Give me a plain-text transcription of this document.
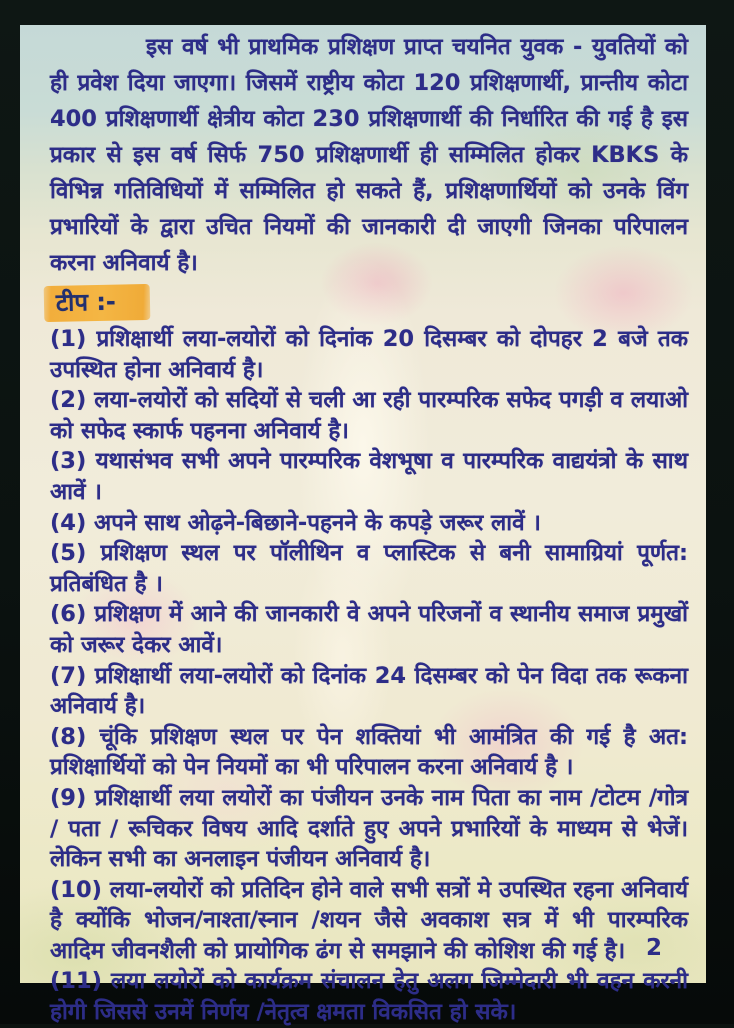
इस वर्ष भी प्राथमिक प्रशिक्षण प्राप्त चयनित युवक - युवतियों को ही प्रवेश दिया जाएगा। जिसमें राष्ट्रीय कोटा 120 प्रशिक्षणार्थी, प्रान्तीय कोटा 400 प्रशिक्षणार्थी क्षेत्रीय कोटा 230 प्रशिक्षणार्थी की निर्धारित की गई है इस प्रकार से इस वर्ष सिर्फ 750 प्रशिक्षणार्थी ही सम्मिलित होकर KBKS के विभिन्न गतिविधियों में सम्मिलित हो सकते हैं, प्रशिक्षणार्थियों को उनके विंग प्रभारियों के द्वारा उचित नियमों की जानकारी दी जाएगी जिनका परिपालन करना अनिवार्य है।

टीप :-

(1) प्रशिक्षार्थी लया-लयोरों को दिनांक 20 दिसम्बर को दोपहर 2 बजे तक उपस्थित होना अनिवार्य है।

(2) लया-लयोरों को सदियों से चली आ रही पारम्परिक सफेद पगड़ी व लयाओ को सफेद स्कार्फ पहनना अनिवार्य है।

(3) यथासंभव सभी अपने पारम्परिक वेशभूषा व पारम्परिक वाद्ययंत्रो के साथ आवें ।

(4) अपने साथ ओढ़ने-बिछाने-पहनने के कपड़े जरूर लावें ।

(5) प्रशिक्षण स्थल पर पॉलीथिन व प्लास्टिक से बनी सामाग्रियां पूर्णत: प्रतिबंधित है ।

(6) प्रशिक्षण में आने की जानकारी वे अपने परिजनों व स्थानीय समाज प्रमुखों को जरूर देकर आवें।

(7) प्रशिक्षार्थी लया-लयोरों को दिनांक 24 दिसम्बर को पेन विदा तक रूकना अनिवार्य है।

(8) चूंकि प्रशिक्षण स्थल पर पेन शक्तियां भी आमंत्रित की गई है अत: प्रशिक्षार्थियों को पेन नियमों का भी परिपालन करना अनिवार्य है ।

(9) प्रशिक्षार्थी लया लयोरों का पंजीयन उनके नाम पिता का नाम /टोटम /गोत्र / पता / रूचिकर विषय आदि दर्शाते हुए अपने प्रभारियों के माध्यम से भेजें।लेकिन सभी का अनलाइन पंजीयन अनिवार्य है।

(10) लया-लयोरों को प्रतिदिन होने वाले सभी सत्रों मे उपस्थित रहना अनिवार्य है क्योंकि भोजन/नाश्ता/स्नान /शयन जैसे अवकाश सत्र में भी पारम्परिक आदिम जीवनशैली को प्रायोगिक ढंग से समझाने की कोशिश की गई है।

(11) लया लयोरों को कार्यक्रम संचालन हेतु अलग जिम्मेदारी भी वहन करनी होगी जिससे उनमें निर्णय /नेतृत्व क्षमता विकसित हो सके।

2
